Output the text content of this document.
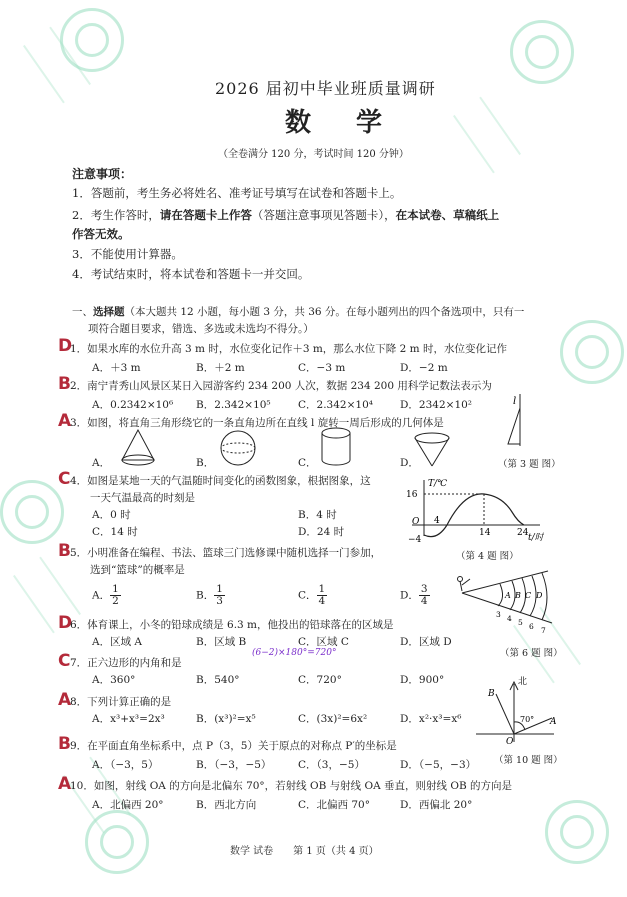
2026 届初中毕业班质量调研
数 学
（全卷满分 120 分，考试时间 120 分钟）
注意事项：
1．答题前，考生务必将姓名、准考证号填写在试卷和答题卡上。
2．考生作答时，请在答题卡上作答（答题注意事项见答题卡），在本试卷、草稿纸上
作答无效。
3．不能使用计算器。
4．考试结束时，将本试卷和答题卡一并交回。
一、选择题（本大题共 12 小题，每小题 3 分，共 36 分。在每小题列出的四个备选项中，只有一
项符合题目要求，错选、多选或未选均不得分。）
D
1．如果水库的水位升高 3 m 时，水位变化记作＋3 m，那么水位下降 2 m 时，水位变化记作
A．＋3 m	B．＋2 m	C．−3 m	D．−2 m
B 2．南宁青秀山风景区某日入园游客约 234 200 人次，数据 234 200 用科学记数法表示为
A．0.2342×10⁶ B．2.342×10⁵	C．2.342×10⁴	D．2342×10²
A
3．如图，将直角三角形绕它的一条直角边所在直线 l 旋转一周后形成的几何体是
A．	B．	C．	D．
l
（第 3 题 图）
C 4．如图是某地一天的气温随时间变化的函数图象，根据图象，这
一天气温最高的时刻是
A．0 时	B．4 时
C．14 时	D．24 时
T/℃
16
−4
O 4
14	24 t/时
（第 4 题 图）
B 5．小明准备在编程、书法、篮球三门选修课中随机选择一门参加，
选到“篮球”的概率是
A． $\frac{1}{2}$	B． $\frac{1}{3}$	C． $\frac{1}{4}$	D． $\frac{3}{4}$	A B C D
3 4 5 6 7
（第 6 题 图）
D
6．体育课上，小冬的铅球成绩是 6.3 m，他投出的铅球落在的区域是
A．区域 A	B．区域 B	C．区域 C	D．区域 D
C 7．正六边形的内角和是
(6−2)×180°=720°
A．360°	B．540°	C．720°	D．900°
A
8．下列计算正确的是
A．x³+x³=2x³	B．(x³)²=x⁵	C．(3x)²=6x²	D．x²·x³=x⁶
北
B
A
O
70°
（第 10 题 图）
B 9．在平面直角坐标系中，点 P（3，5）关于原点的对称点 P′的坐标是
A．（−3，5）	B．（−3，−5）	C．（3，−5）	D．（−5，−3）
A
10．如图，射线 OA 的方向是北偏东 70°，若射线 OB 与射线 OA 垂直，则射线 OB 的方向是
A．北偏西 20°	B．西北方向	C．北偏西 70°	D．西偏北 20°
数学 试卷　　第 1 页（共 4 页）
